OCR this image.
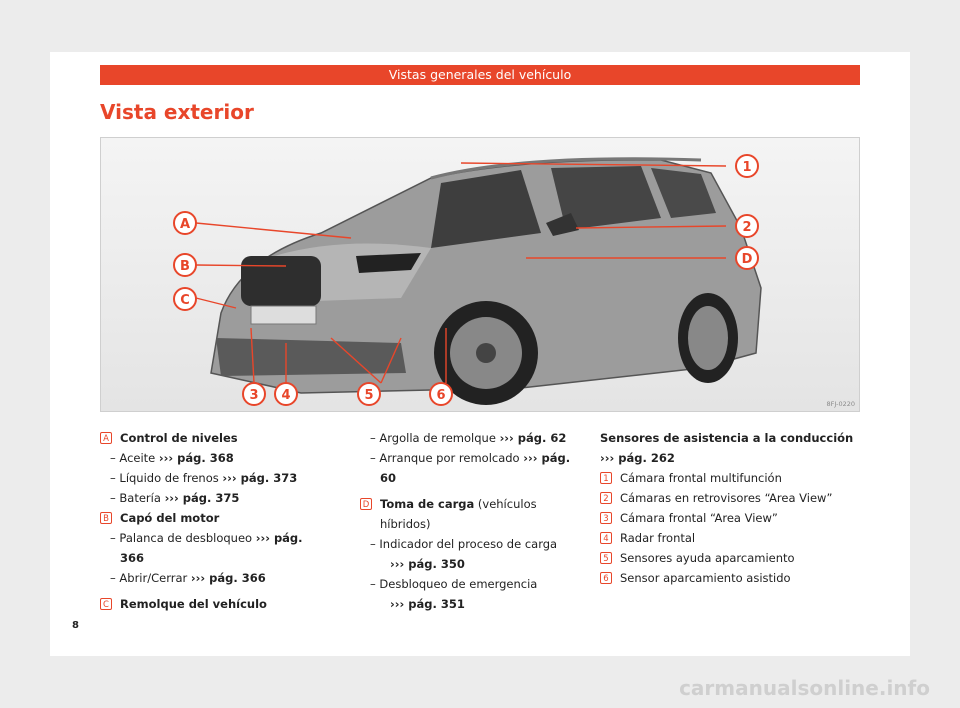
Vistas generales del vehículo
Vista exterior
A
B
C
1
2
D
3 4	5	6
8FJ-0220
A Control de niveles
– Aceite ››› pág. 368
– Líquido de frenos ››› pág. 373
– Batería ››› pág. 375
B Capó del motor
– Palanca de desbloqueo ››› pág. 366
– Abrir/Cerrar ››› pág. 366
C Remolque del vehículo
– Argolla de remolque ››› pág. 62
– Arranque por remolcado ››› pág. 60
D Toma de carga (vehículos híbridos)
– Indicador del proceso de carga
››› pág. 350
– Desbloqueo de emergencia
››› pág. 351
Sensores de asistencia a la conducción
››› pág. 262
1 Cámara frontal multifunción
2 Cámaras en retrovisores “Area View”
3 Cámara frontal “Area View”
4 Radar frontal
5 Sensores ayuda aparcamiento
6 Sensor aparcamiento asistido
8
carmanualsonline.info
